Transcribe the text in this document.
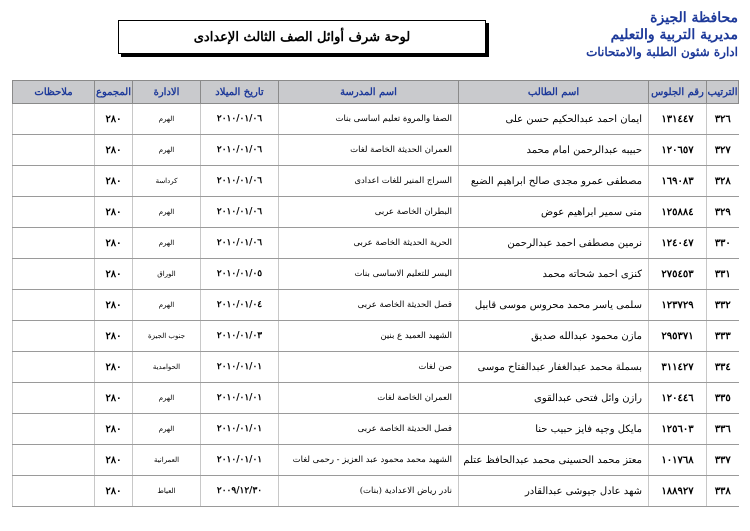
محافظة الجيزة
مديرية التربية والتعليم
ادارة شئون الطلبة والامتحانات
لوحة شرف أوائل الصف الثالث الإعدادى
الترتيب	رقم الجلوس	اسم الطالب	اسم المدرسة	تاريخ الميلاد	الادارة	المجموع	ملاحظات
٣٢٦	١٣١٤٤٧	ايمان احمد عبدالحكيم حسن على	الصفا والمروة تعليم اساسى بنات	٢٠١٠/٠١/٠٦	الهرم	٢٨٠	
٣٢٧	١٢٠٦٥٧	حبيبه عبدالرحمن امام محمد	العمران الحديثة الخاصة لغات	٢٠١٠/٠١/٠٦	الهرم	٢٨٠	
٣٢٨	١٦٩٠٨٣	مصطفى عمرو مجدى صالح ابراهيم الضبع	السراج المنير للغات اعدادى	٢٠١٠/٠١/٠٦	كرداسة	٢٨٠	
٣٢٩	١٢٥٨٨٤	منى سمير ابراهيم عوض	البطران الخاصة عربى	٢٠١٠/٠١/٠٦	الهرم	٢٨٠	
٣٣٠	١٢٤٠٤٧	نرمين مصطفى احمد عبدالرحمن	الحرية الحديثة الخاصة عربى	٢٠١٠/٠١/٠٦	الهرم	٢٨٠	
٣٣١	٢٧٥٤٥٣	كنزى احمد شحاته محمد	اليسر للتعليم الاساسى بنات	٢٠١٠/٠١/٠٥	الوراق	٢٨٠	
٣٣٢	١٢٣٧٢٩	سلمى ياسر محمد محروس موسى قابيل	فصل الحديثة الخاصة عربى	٢٠١٠/٠١/٠٤	الهرم	٢٨٠	
٣٣٣	٢٩٥٣٧١	مازن محمود عبدالله صديق	الشهيد العميد ع بنين	٢٠١٠/٠١/٠٣	جنوب الجيزة	٢٨٠	
٣٣٤	٣١١٤٢٧	بسملة محمد عبدالغفار عبدالفتاح موسى	صن لغات	٢٠١٠/٠١/٠١	الحوامدية	٢٨٠	
٣٣٥	١٢٠٤٤٦	رازن وائل فتحى عبدالقوى	العمران الخاصة لغات	٢٠١٠/٠١/٠١	الهرم	٢٨٠	
٣٣٦	١٢٥٦٠٣	مايكل وجيه فايز حبيب حنا	فصل الحديثة الخاصة عربى	٢٠١٠/٠١/٠١	الهرم	٢٨٠	
٣٣٧	١٠١٧٦٨	معتز محمد الحسينى محمد عبدالحافظ عتلم	الشهيد محمد محمود عبد العزيز - رحمى لغات	٢٠١٠/٠١/٠١	العمرانية	٢٨٠	
٣٣٨	١٨٨٩٢٧	شهد عادل جيوشى عبدالقادر	نادر رياض الاعدادية (بنات)	٢٠٠٩/١٢/٣٠	العياط	٢٨٠	
